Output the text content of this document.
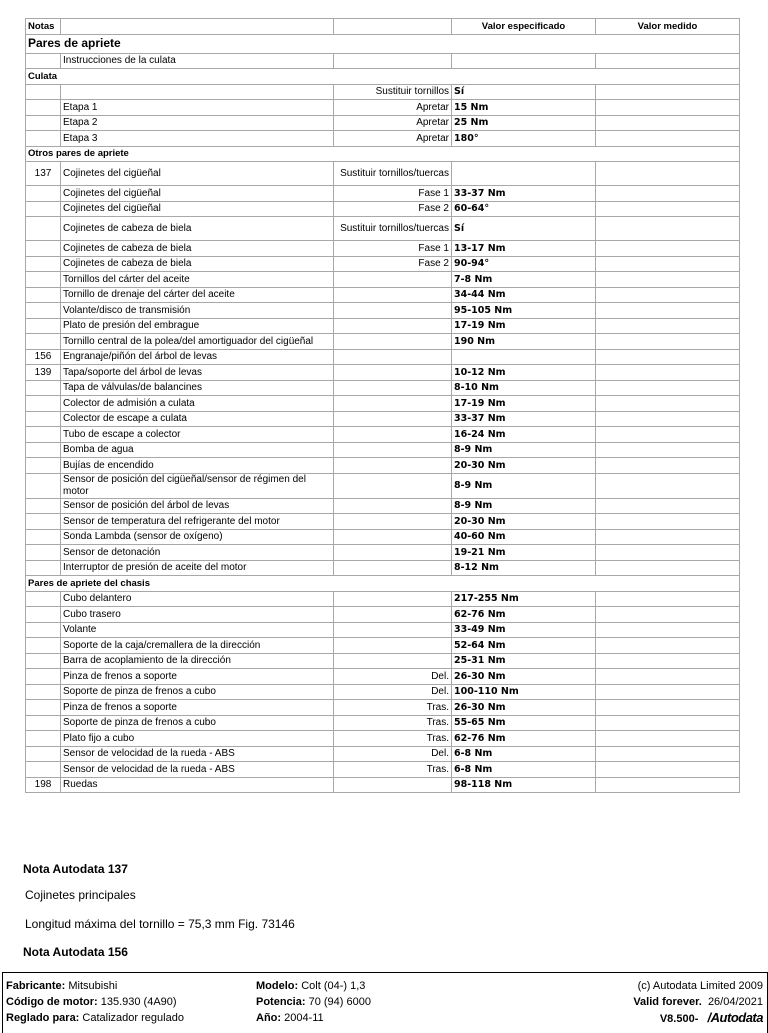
Notas			Valor especificado	Valor medido
Pares de apriete				
	Instrucciones de la culata			
Culata				
		Sustituir tornillos	Sí	
	Etapa 1	Apretar	15 Nm	
	Etapa 2	Apretar	25 Nm	
	Etapa 3	Apretar	180°	
Otros pares de apriete				
137	Cojinetes del cigüeñal	Sustituir tornillos/tuercas		
	Cojinetes del cigüeñal	Fase 1	33-37 Nm	
	Cojinetes del cigüeñal	Fase 2	60-64°	
	Cojinetes de cabeza de biela	Sustituir tornillos/tuercas	Sí	
	Cojinetes de cabeza de biela	Fase 1	13-17 Nm	
	Cojinetes de cabeza de biela	Fase 2	90-94°	
	Tornillos del cárter del aceite		7-8 Nm	
	Tornillo de drenaje del cárter del aceite		34-44 Nm	
	Volante/disco de transmisión		95-105 Nm	
	Plato de presión del embrague		17-19 Nm	
	Tornillo central de la polea/del amortiguador del cigüeñal		190 Nm	
156	Engranaje/piñón del árbol de levas			
139	Tapa/soporte del árbol de levas		10-12 Nm	
	Tapa de válvulas/de balancines		8-10 Nm	
	Colector de admisión a culata		17-19 Nm	
	Colector de escape a culata		33-37 Nm	
	Tubo de escape a colector		16-24 Nm	
	Bomba de agua		8-9 Nm	
	Bujías de encendido		20-30 Nm	
	Sensor de posición del cigüeñal/sensor de régimen del motor		8-9 Nm	
	Sensor de posición del árbol de levas		8-9 Nm	
	Sensor de temperatura del refrigerante del motor		20-30 Nm	
	Sonda Lambda (sensor de oxígeno)		40-60 Nm	
	Sensor de detonación		19-21 Nm	
	Interruptor de presión de aceite del motor		8-12 Nm	
Pares de apriete del chasis				
	Cubo delantero		217-255 Nm	
	Cubo trasero		62-76 Nm	
	Volante		33-49 Nm	
	Soporte de la caja/cremallera de la dirección		52-64 Nm	
	Barra de acoplamiento de la dirección		25-31 Nm	
	Pinza de frenos a soporte	Del.	26-30 Nm	
	Soporte de pinza de frenos a cubo	Del.	100-110 Nm	
	Pinza de frenos a soporte	Tras.	26-30 Nm	
	Soporte de pinza de frenos a cubo	Tras.	55-65 Nm	
	Plato fijo a cubo	Tras.	62-76 Nm	
	Sensor de velocidad de la rueda - ABS	Del.	6-8 Nm	
	Sensor de velocidad de la rueda - ABS	Tras.	6-8 Nm	
198	Ruedas		98-118 Nm	
Nota Autodata 137
Cojinetes principales
Longitud máxima del tornillo = 75,3 mm Fig. 73146
Nota Autodata 156
Fabricante: Mitsubishi
Código de motor: 135.930 (4A90)
Reglado para: Catalizador regulado
Modelo: Colt (04-) 1,3
Potencia: 70 (94) 6000
Año: 2004-11
(c) Autodata Limited 2009
Valid forever. 26/04/2021
V8.500- /Autodata
